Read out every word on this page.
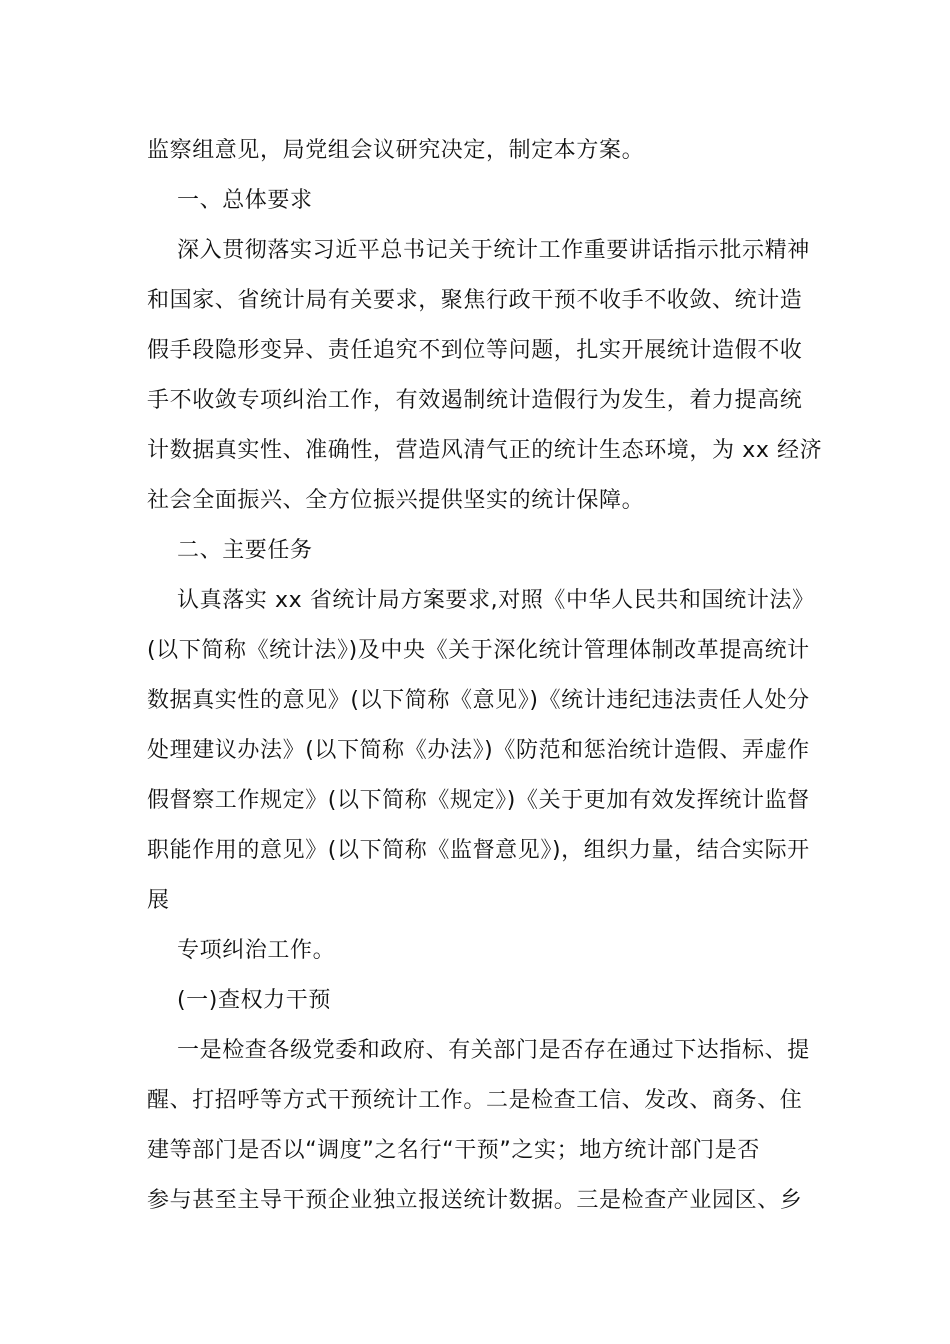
监察组意见，局党组会议研究决定，制定本方案。
一、总体要求
深入贯彻落实习近平总书记关于统计工作重要讲话指示批示精神
和国家、省统计局有关要求，聚焦行政干预不收手不收敛、统计造
假手段隐形变异、责任追究不到位等问题，扎实开展统计造假不收
手不收敛专项纠治工作，有效遏制统计造假行为发生，着力提高统
计数据真实性、准确性，营造风清气正的统计生态环境，为 xx 经济
社会全面振兴、全方位振兴提供坚实的统计保障。
二、主要任务
认真落实 xx 省统计局方案要求,对照《中华人民共和国统计法》
(以下简称《统计法》)及中央《关于深化统计管理体制改革提高统计
数据真实性的意见》(以下简称《意见》)《统计违纪违法责任人处分
处理建议办法》(以下简称《办法》)《防范和惩治统计造假、弄虚作
假督察工作规定》(以下简称《规定》)《关于更加有效发挥统计监督
职能作用的意见》(以下简称《监督意见》)，组织力量，结合实际开
展
专项纠治工作。
(一)查权力干预
一是检查各级党委和政府、有关部门是否存在通过下达指标、提
醒、打招呼等方式干预统计工作。二是检查工信、发改、商务、住
建等部门是否以“调度”之名行“干预”之实；地方统计部门是否
参与甚至主导干预企业独立报送统计数据。三是检查产业园区、乡
